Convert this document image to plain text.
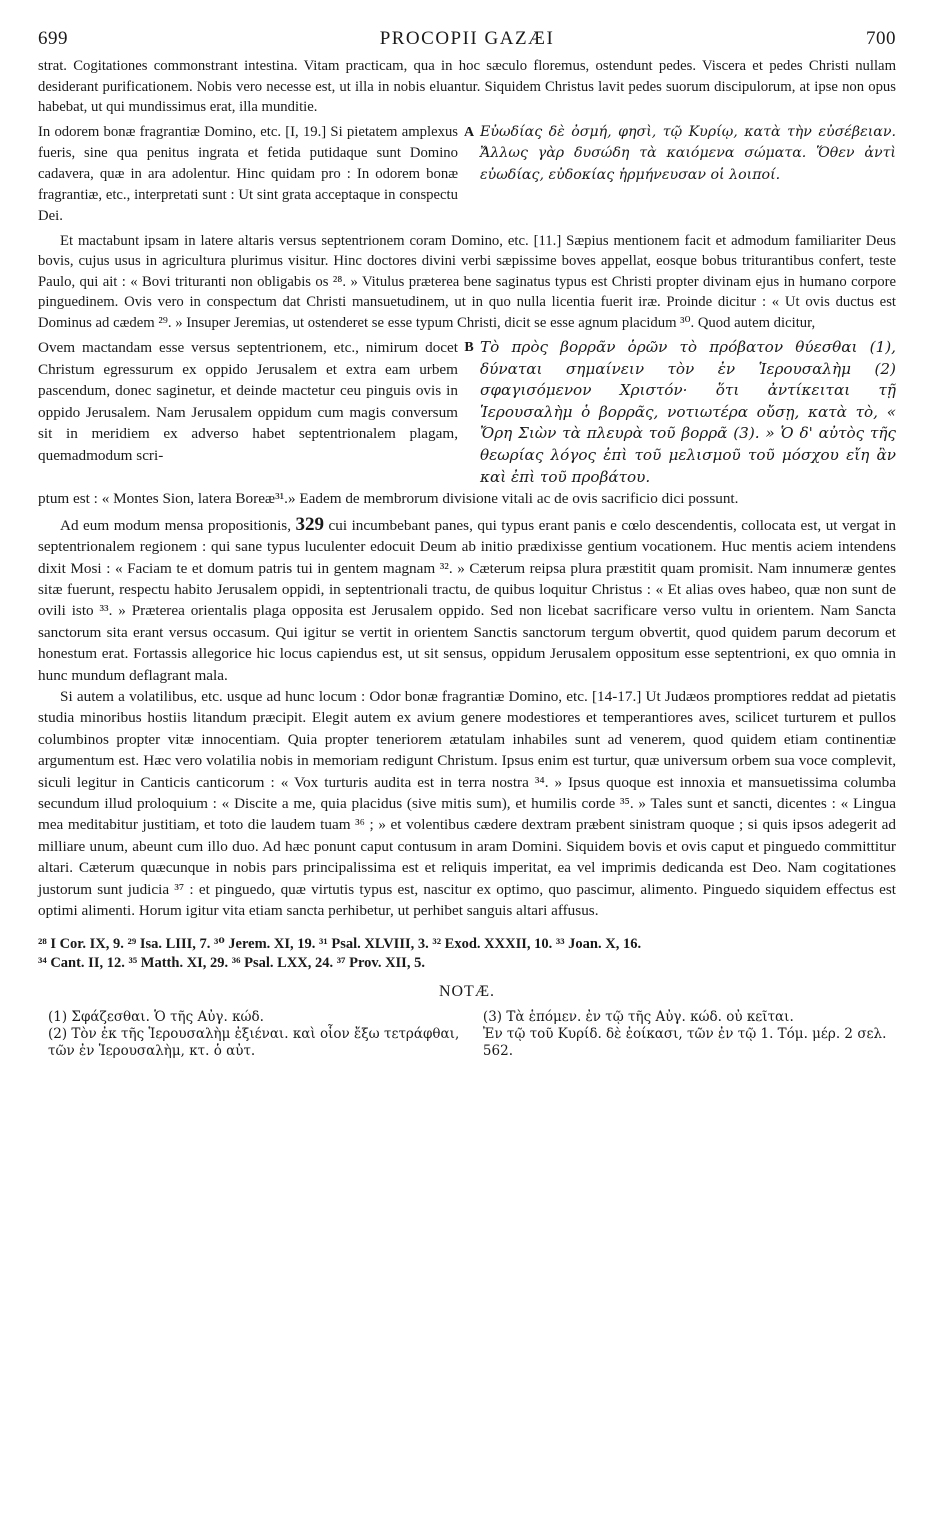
699	PROCOPII GAZÆI	700

strat. Cogitationes commonstrant intestina. Vitam practicam, qua in hoc sæculo floremus, ostendunt pedes. Viscera et pedes Christi nullam desiderant purificationem. Nobis vero necesse est, ut illa in nobis eluantur. Siquidem Christus lavit pedes suorum discipulorum, at ipse non opus habebat, ut qui mundissimus erat, illa munditie.

In odorem bonæ fragrantiæ Domino, etc. [I, 19.] Si pietatem amplexus fueris, sine qua penitus ingrata et fetida putidaque sunt Domino cadavera, quæ in ara adolentur. Hinc quidam pro : In odorem bonæ fragrantiæ, etc., interpretati sunt : Ut sint grata acceptaque in conspectu Dei.

A Εὐωδίας δὲ ὀσμή, φησὶ, τῷ Κυρίῳ, κατὰ τὴν εὐσέβειαν. Ἄλλως γὰρ δυσώδη τὰ καιόμενα σώματα. Ὅθεν ἀντὶ εὐωδίας, εὐδοκίας ἡρμήνευσαν οἱ λοιποί.

Et mactabunt ipsam in latere altaris versus septentrionem coram Domino, etc. [11.] Sæpius mentionem facit et admodum familiariter Deus bovis, cujus usus in agricultura plurimus visitur. Hinc doctores divini verbi sæpissime boves appellat, eosque bobus triturantibus confert, teste Paulo, qui ait : « Bovi trituranti non obligabis os ²⁸. » Vitulus præterea bene saginatus typus est Christi propter divinam ejus in humano corpore pinguedinem. Ovis vero in conspectum dat Christi mansuetudinem, ut in quo nulla licentia fuerit iræ. Proinde dicitur : « Ut ovis ductus est Dominus ad cædem ²⁹. » Insuper Jeremias, ut ostenderet se esse typum Christi, dicit se esse agnum placidum ³⁰. Quod autem dicitur,

Ovem mactandam esse versus septentrionem, etc., nimirum docet Christum egressurum ex oppido Jerusalem et extra eam urbem pascendum, donec saginetur, et deinde mactetur ceu pinguis ovis in oppido Jerusalem. Nam Jerusalem oppidum cum magis conversum sit in meridiem ex adverso habet septentrionalem plagam, quemadmodum scri-

B Τὸ πρὸς βορρᾶν ὁρῶν τὸ πρόβατον θύεσθαι (1), δύναται σημαίνειν τὸν ἐν Ἱερουσαλὴμ (2) σφαγισόμενον Χριστόν· ὅτι ἀντίκειται τῇ Ἱερουσαλὴμ ὁ βορρᾶς, νοτιωτέρα οὔσῃ, κατὰ τὸ, « Ὄρη Σιὼν τὰ πλευρὰ τοῦ βορρᾶ (3). » Ὁ δ' αὐτὸς τῆς θεωρίας λόγος ἐπὶ τοῦ μελισμοῦ τοῦ μόσχου εἴη ἂν καὶ ἐπὶ τοῦ προβάτου.

ptum est : « Montes Sion, latera Boreæ³¹.» Eadem de membrorum divisione vitali ac de ovis sacrificio dici possunt.

Ad eum modum mensa propositionis, 329 cui incumbebant panes, qui typus erant panis e cœlo descendentis, collocata est, ut vergat in septentrionalem regionem : qui sane typus luculenter edocuit Deum ab initio prædixisse gentium vocationem. Huc mentis aciem intendens dixit Mosi : « Faciam te et domum patris tui in gentem magnam ³². » Cæterum reipsa plura præstitit quam promisit. Nam innumeræ gentes sitæ fuerunt, respectu habito Jerusalem oppidi, in septentrionali tractu, de quibus loquitur Christus : « Et alias oves habeo, quæ non sunt de ovili isto ³³. » Præterea orientalis plaga opposita est Jerusalem oppido. Sed non licebat sacrificare verso vultu in orientem. Nam Sancta sanctorum sita erant versus occasum. Qui igitur se vertit in orientem Sanctis sanctorum tergum obvertit, quod quidem parum decorum et honestum erat. Fortassis allegorice hic locus capiendus est, ut sit sensus, oppidum Jerusalem oppositum esse septentrioni, ex quo omnia in hunc mundum deflagrant mala.

Si autem a volatilibus, etc. usque ad hunc locum : Odor bonæ fragrantiæ Domino, etc. [14-17.] Ut Judæos promptiores reddat ad pietatis studia minoribus hostiis litandum præcipit. Elegit autem ex avium genere modestiores et temperantiores aves, scilicet turturem et pullos columbinos propter vitæ innocentiam. Quia propter teneriorem ætatulam inhabiles sunt ad venerem, quod quidem etiam continentiæ argumentum est. Hæc vero volatilia nobis in memoriam redigunt Christum. Ipsus enim est turtur, quæ universum orbem sua voce complevit, siculi legitur in Canticis canticorum : « Vox turturis audita est in terra nostra ³⁴. » Ipsus quoque est innoxia et mansuetissima columba secundum illud proloquium : « Discite a me, quia placidus (sive mitis sum), et humilis corde ³⁵. » Tales sunt et sancti, dicentes : « Lingua mea meditabitur justitiam, et toto die laudem tuam ³⁶ ; » et volentibus cædere dextram præbent sinistram quoque ; si quis ipsos adegerit ad milliare unum, abeunt cum illo duo. Ad hæc ponunt caput contusum in aram Domini. Siquidem bovis et ovis caput et pinguedo committitur altari. Cæterum quæcunque in nobis pars principalissima est et reliquis imperitat, ea vel imprimis dedicanda est Deo. Nam cogitationes justorum sunt judicia ³⁷ : et pinguedo, quæ virtutis typus est, nascitur ex optimo, quo pascimur, alimento. Pinguedo siquidem effectus est optimi alimenti. Horum igitur vita etiam sancta perhibetur, ut perhibet sanguis altari affusus.

²⁸ I Cor. IX, 9. ²⁹ Isa. LIII, 7. ³⁰ Jerem. XI, 19. ³¹ Psal. XLVIII, 3. ³² Exod. XXXII, 10. ³³ Joan. X, 16.
³⁴ Cant. II, 12. ³⁵ Matth. XI, 29. ³⁶ Psal. LXX, 24. ³⁷ Prov. XII, 5.
NOTÆ.
(1) Σφάζεσθαι. Ὁ τῆς Αὐγ. κώδ.
(2) Τὸν ἐκ τῆς Ἱερουσαλὴμ ἐξιέναι. καὶ οἷον ἔξω τετράφθαι, τῶν ἐν Ἱερουσαλὴμ, κτ. ὁ αὐτ.
(3) Τὰ ἑπόμεν. ἐν τῷ τῆς Αὐγ. κώδ. οὐ κεῖται.
Ἐν τῷ τοῦ Κυρίδ. δὲ ἐοίκασι, τῶν ἐν τῷ 1. Τόμ. μέρ. 2 σελ. 562.
